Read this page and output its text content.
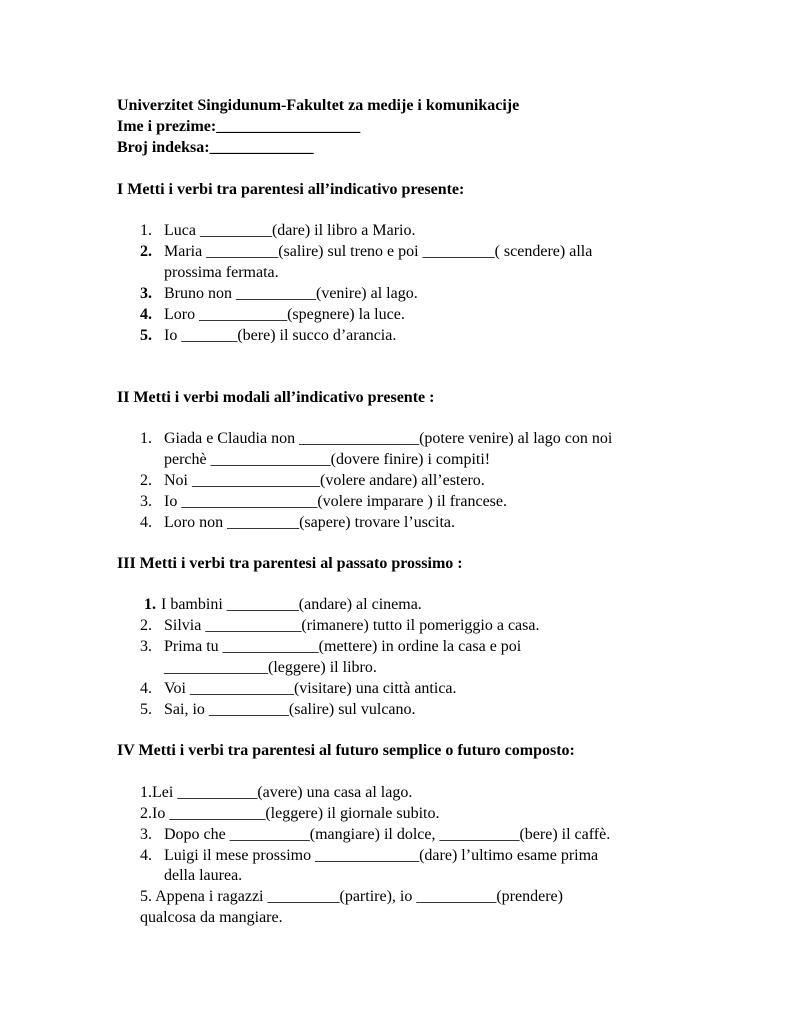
Univerzitet Singidunum-Fakultet za medije i komunikacije
Ime i prezime:__________________
Broj indeksa:_____________
I Metti i verbi tra parentesi all’indicativo presente:
1. Luca _________(dare) il libro a Mario.
2. Maria _________(salire) sul treno e poi _________( scendere) alla
prossima fermata.
3. Bruno non __________(venire) al lago.
4. Loro ___________(spegnere) la luce.
5. Io _______(bere) il succo d’arancia.
II Metti i verbi modali all’indicativo presente :
1. Giada e Claudia non _______________(potere venire) al lago con noi
perchè _______________(dovere finire) i compiti!
2. Noi ________________(volere andare) all’estero.
3. Io _________________(volere imparare ) il francese.
4. Loro non _________(sapere) trovare l’uscita.
III Metti i verbi tra parentesi al passato prossimo :
1. I bambini _________(andare) al cinema.
2. Silvia ____________(rimanere) tutto il pomeriggio a casa.
3. Prima tu ____________(mettere) in ordine la casa e poi
_____________(leggere) il libro.
4. Voi _____________(visitare) una città antica.
5. Sai, io __________(salire) sul vulcano.
IV Metti i verbi tra parentesi al futuro semplice o futuro composto:
1.Lei __________(avere) una casa al lago.
2.Io ____________(leggere) il giornale subito.
3. Dopo che __________(mangiare) il dolce, __________(bere) il caffè.
4. Luigi il mese prossimo _____________(dare) l’ultimo esame prima
della laurea.
5. Appena i ragazzi _________(partire), io __________(prendere)
qualcosa da mangiare.
